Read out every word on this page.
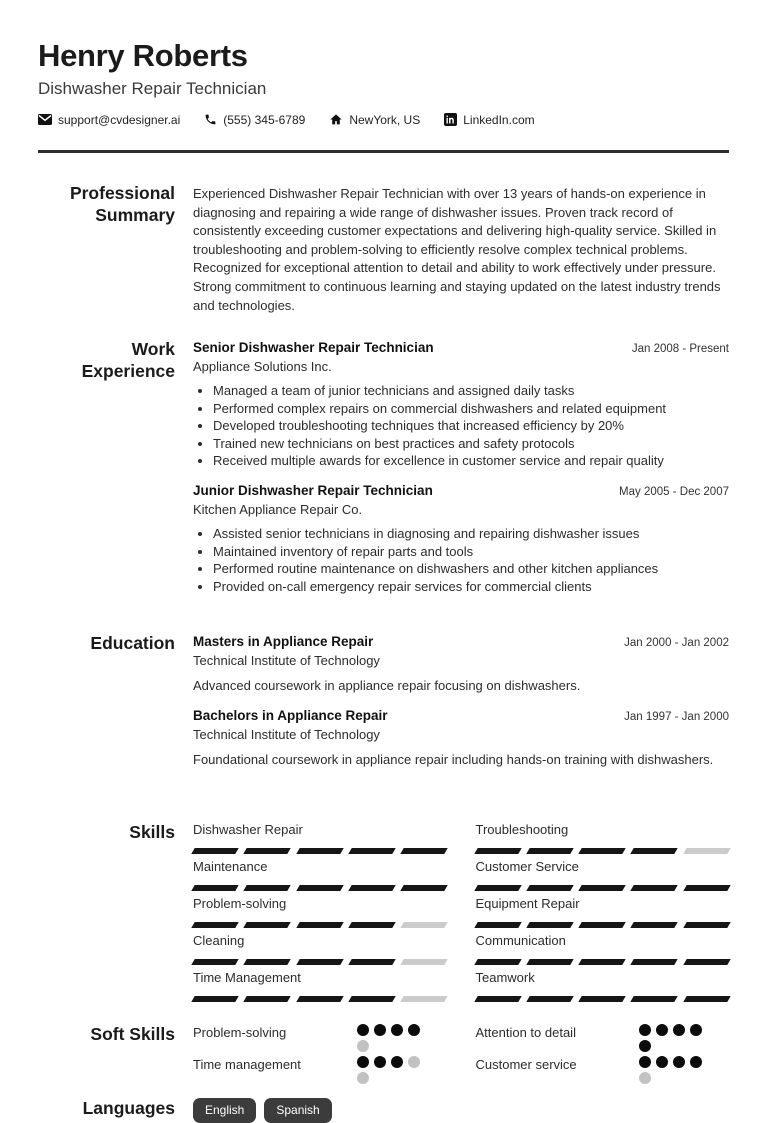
Henry Roberts
Dishwasher Repair Technician
support@cvdesigner.ai	(555) 345-6789	NewYork, US	LinkedIn.com
Professional Summary

Experienced Dishwasher Repair Technician with over 13 years of hands-on experience in diagnosing and repairing a wide range of dishwasher issues. Proven track record of consistently exceeding customer expectations and delivering high-quality service. Skilled in troubleshooting and problem-solving to efficiently resolve complex technical problems. Recognized for exceptional attention to detail and ability to work effectively under pressure. Strong commitment to continuous learning and staying updated on the latest industry trends and technologies.

Work Experience
Senior Dishwasher Repair Technician	Jan 2008 - Present
Appliance Solutions Inc.
• Managed a team of junior technicians and assigned daily tasks
• Performed complex repairs on commercial dishwashers and related equipment
• Developed troubleshooting techniques that increased efficiency by 20%
• Trained new technicians on best practices and safety protocols
• Received multiple awards for excellence in customer service and repair quality
Junior Dishwasher Repair Technician	May 2005 - Dec 2007
Kitchen Appliance Repair Co.
• Assisted senior technicians in diagnosing and repairing dishwasher issues
• Maintained inventory of repair parts and tools
• Performed routine maintenance on dishwashers and other kitchen appliances
• Provided on-call emergency repair services for commercial clients
Education Masters in Appliance Repair	Jan 2000 - Jan 2002
Technical Institute of Technology
Advanced coursework in appliance repair focusing on dishwashers.
Bachelors in Appliance Repair	Jan 1997 - Jan 2000
Technical Institute of Technology
Foundational coursework in appliance repair including hands-on training with dishwashers.
Skills Dishwasher Repair	Troubleshooting
Maintenance	Customer Service
Problem-solving	Equipment Repair
Cleaning	Communication
Time Management	Teamwork
Soft Skills Problem-solving	Attention to detail
Time management	Customer service
Languages	English	Spanish
